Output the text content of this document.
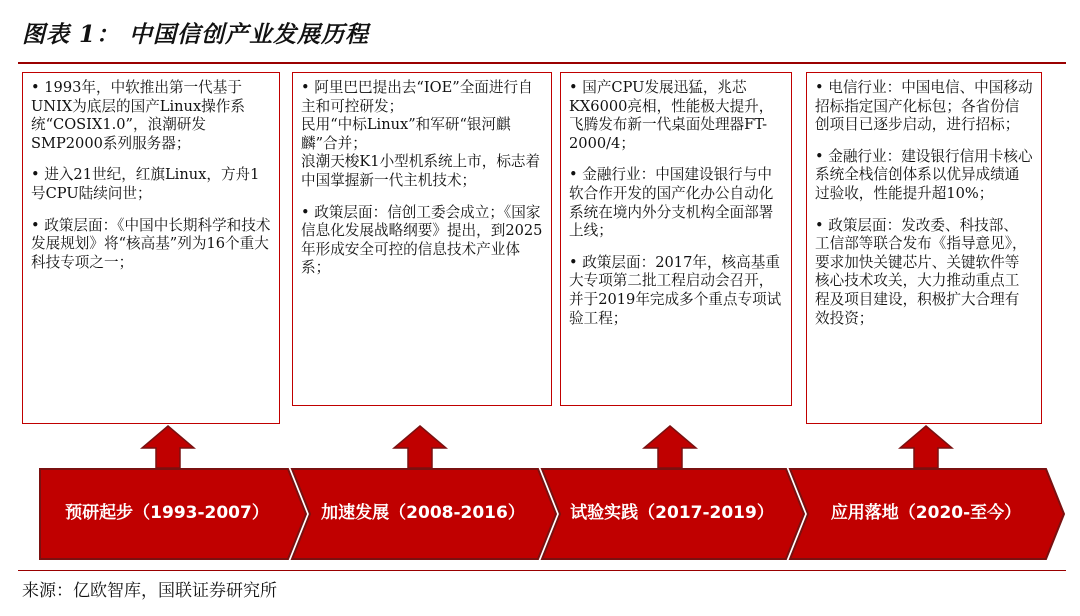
图表 1： 中国信创产业发展历程

• 1993年，中软推出第一代基于UNIX为底层的国产Linux操作系统“COSIX1.0”，浪潮研发SMP2000系列服务器；

• 进入21世纪，红旗Linux，方舟1号CPU陆续问世；

• 政策层面：《中国中长期科学和技术发展规划》将“核高基”列为16个重大科技专项之一；

• 阿里巴巴提出去“IOE”全面进行自主和可控研发；
民用“中标Linux”和军研“银河麒麟”合并；
浪潮天梭K1小型机系统上市，标志着中国掌握新一代主机技术；

• 政策层面：信创工委会成立；《国家信息化发展战略纲要》提出，到2025年形成安全可控的信息技术产业体系；

• 国产CPU发展迅猛，兆芯KX6000亮相，性能极大提升，飞腾发布新一代桌面处理器FT-2000/4；

• 金融行业：中国建设银行与中软合作开发的国产化办公自动化系统在境内外分支机构全面部署上线；

• 政策层面：2017年，核高基重大专项第二批工程启动会召开，并于2019年完成多个重点专项试验工程；

• 电信行业：中国电信、中国移动招标指定国产化标包；各省份信创项目已逐步启动，进行招标；

• 金融行业：建设银行信用卡核心系统全栈信创体系以优异成绩通过验收，性能提升超10%；

• 政策层面：发改委、科技部、
工信部等联合发布《指导意见》，要求加快关键芯片、关键软件等核心技术攻关，大力推动重点工程及项目建设，积极扩大合理有效投资；

预研起步（1993-2007）	加速发展（2008-2016）	试验实践（2017-2019）	应用落地（2020-至今）
来源：亿欧智库，国联证券研究所
